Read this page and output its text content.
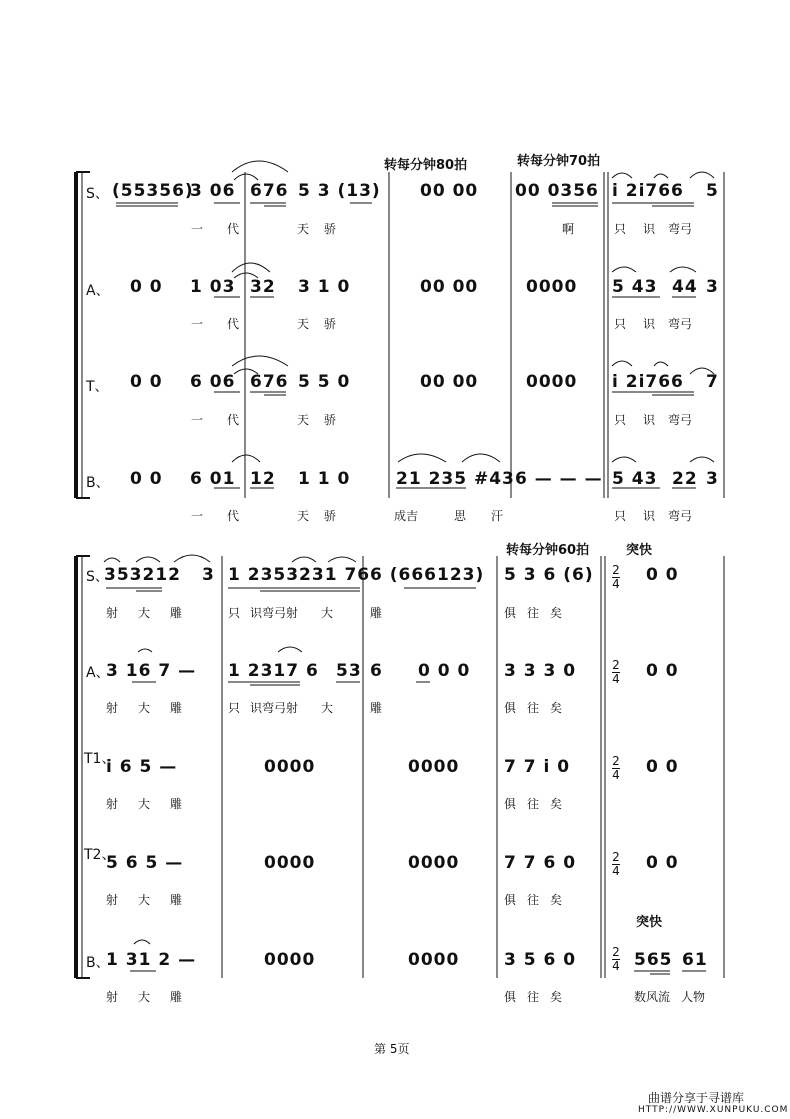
转每分钟80拍	转每分钟70拍
S、 (55356)
3 06 676 5 3 (13) 00 00 00 0356 i 2i766 5
一 代	天 骄	啊	只 识 弯弓
A、 0 0 1 03 32 3 1 0	00 00	0000 5 43 44 3
一 代	天 骄	只 识 弯弓
T、 0 0 6 06 676 5 5 0	00 00	0000 i 2i766 7
一 代	天 骄	只 识 弯弓
B、 0 0 6 01 12 1 1 0	21 235 #43 6 — — — 5 43 22 3
一 代	天 骄	成吉	思 汗	只 识 弯弓
转每分钟60拍	突快
突快
S、
353212 3 1 2353231 76 6 (666123) 5 3 6 (6)	0 0
2
4
射 大 雕	只 识弯弓射 大	雕	俱 往 矣
A、
3 16 7 — 1 2317 6 53 6 0 0 0 3 3 3 0	0 0
2
4
射 大 雕	只 识弯弓射 大	雕	俱 往 矣
T1、
i 6 5 —	0000	0000	7 7 i 0	0 0
2
4
射 大 雕	俱 往 矣
T2、
5 6 5 —	0000	0000	7 7 6 0	0 0
2
4
射 大 雕	俱 往 矣
B、
1 31 2 —	0000	0000	3 5 6 0	565 61
2
4
射 大 雕	俱 往 矣	数风流 人物
第 5页
曲谱分享于寻谱库
HTTP://WWW.XUNPUKU.COM
